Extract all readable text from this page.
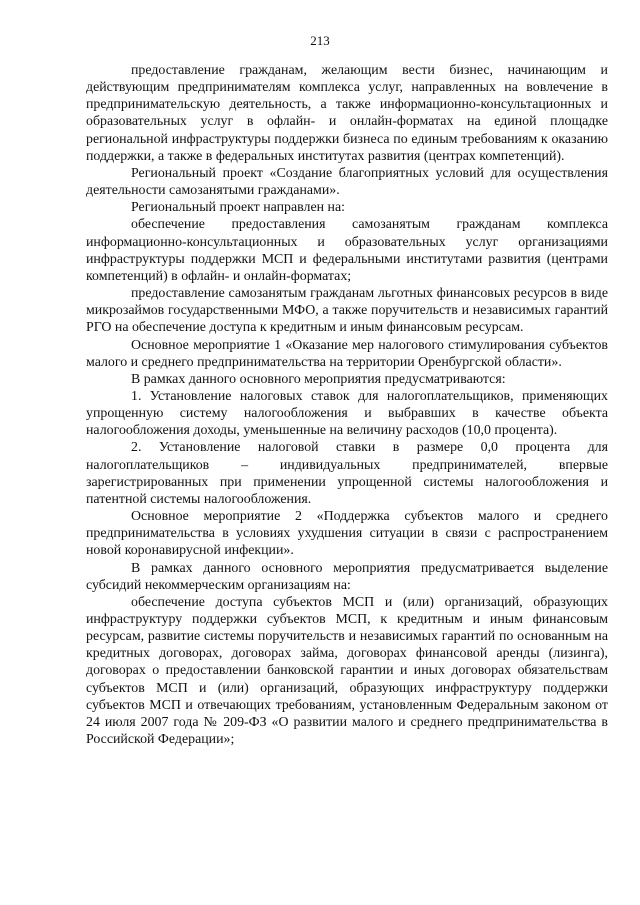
213

предоставление гражданам, желающим вести бизнес, начинающим и действующим предпринимателям комплекса услуг, направленных на вовлечение в предпринимательскую деятельность, а также информационно-консультационных и образовательных услуг в офлайн- и онлайн-форматах на единой площадке региональной инфраструктуры поддержки бизнеса по единым требованиям к оказанию поддержки, а также в федеральных институтах развития (центрах компетенций).

Региональный проект «Создание благоприятных условий для осуществления деятельности самозанятыми гражданами».

Региональный проект направлен на:

обеспечение предоставления самозанятым гражданам комплекса информационно-консультационных и образовательных услуг организациями инфраструктуры поддержки МСП и федеральными институтами развития (центрами компетенций) в офлайн- и онлайн-форматах;

предоставление самозанятым гражданам льготных финансовых ресурсов в виде микрозаймов государственными МФО, а также поручительств и независимых гарантий РГО на обеспечение доступа к кредитным и иным финансовым ресурсам.

Основное мероприятие 1 «Оказание мер налогового стимулирования субъектов малого и среднего предпринимательства на территории Оренбургской области».

В рамках данного основного мероприятия предусматриваются:

1. Установление налоговых ставок для налогоплательщиков, применяющих упрощенную систему налогообложения и выбравших в качестве объекта налогообложения доходы, уменьшенные на величину расходов (10,0 процента).

2. Установление налоговой ставки в размере 0,0 процента для налогоплательщиков – индивидуальных предпринимателей, впервые зарегистрированных при применении упрощенной системы налогообложения и патентной системы налогообложения.

Основное мероприятие 2 «Поддержка субъектов малого и среднего предпринимательства в условиях ухудшения ситуации в связи с распространением новой коронавирусной инфекции».

В рамках данного основного мероприятия предусматривается выделение субсидий некоммерческим организациям на:

обеспечение доступа субъектов МСП и (или) организаций, образующих инфраструктуру поддержки субъектов МСП, к кредитным и иным финансовым ресурсам, развитие системы поручительств и независимых гарантий по основанным на кредитных договорах, договорах займа, договорах финансовой аренды (лизинга), договорах о предоставлении банковской гарантии и иных договорах обязательствам субъектов МСП и (или) организаций, образующих инфраструктуру поддержки субъектов МСП и отвечающих требованиям, установленным Федеральным законом от 24 июля 2007 года № 209-ФЗ «О развитии малого и среднего предпринимательства в Российской Федерации»;
